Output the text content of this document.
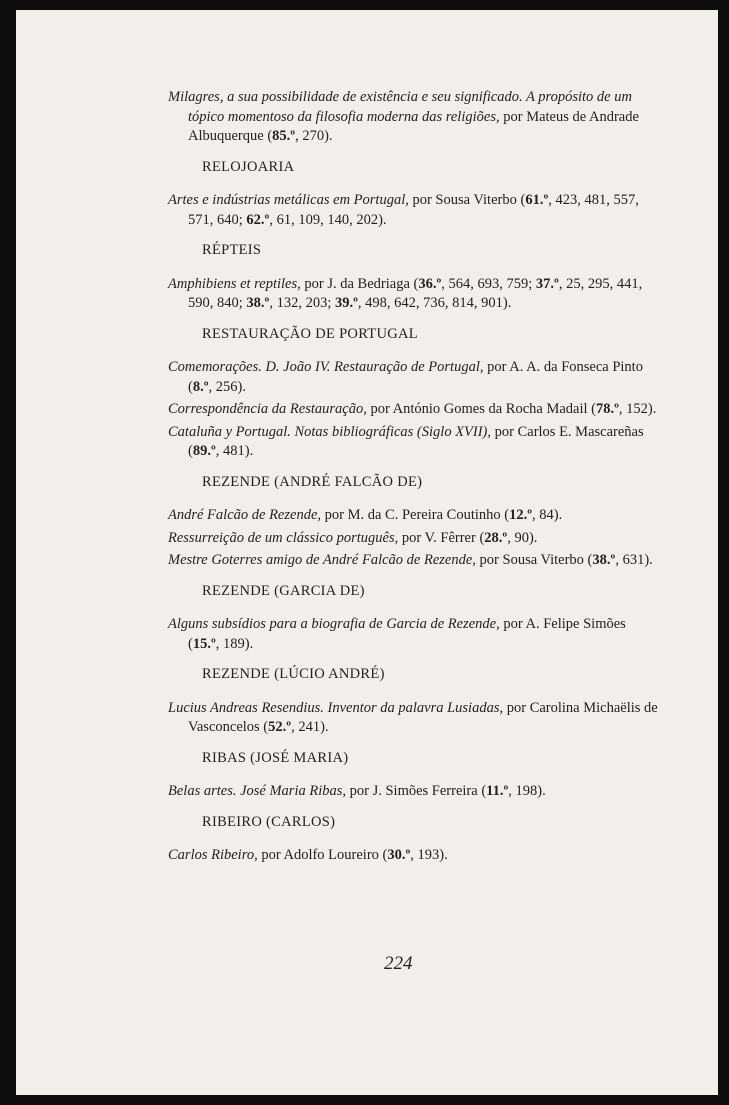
Milagres, a sua possibilidade de existência e seu significado. A propósito de um tópico momentoso da filosofia moderna das religiões, por Mateus de Andrade Albuquerque (85.º, 270).

RELOJOARIA

Artes e indústrias metálicas em Portugal, por Sousa Viterbo (61.º, 423, 481, 557, 571, 640; 62.º, 61, 109, 140, 202).

RÉPTEIS

Amphibiens et reptiles, por J. da Bedriaga (36.º, 564, 693, 759; 37.º, 25, 295, 441, 590, 840; 38.º, 132, 203; 39.º, 498, 642, 736, 814, 901).

RESTAURAÇÃO DE PORTUGAL

Comemorações. D. João IV. Restauração de Portugal, por A. A. da Fonseca Pinto (8.º, 256).

Correspondência da Restauração, por António Gomes da Rocha Madail (78.º, 152).

Cataluña y Portugal. Notas bibliográficas (Siglo XVII), por Carlos E. Mascareñas (89.º, 481).

REZENDE (ANDRÉ FALCÃO DE)

André Falcão de Rezende, por M. da C. Pereira Coutinho (12.º, 84).

Ressurreição de um clássico português, por V. Fêrrer (28.º, 90).

Mestre Goterres amigo de André Falcão de Rezende, por Sousa Viterbo (38.º, 631).

REZENDE (GARCIA DE)

Alguns subsídios para a biografia de Garcia de Rezende, por A. Felipe Simões (15.º, 189).

REZENDE (LÚCIO ANDRÉ)

Lucius Andreas Resendius. Inventor da palavra Lusiadas, por Carolina Michaëlis de Vasconcelos (52.º, 241).

RIBAS (JOSÉ MARIA)

Belas artes. José Maria Ribas, por J. Simões Ferreira (11.º, 198).

RIBEIRO (CARLOS)

Carlos Ribeiro, por Adolfo Loureiro (30.º, 193).

224
